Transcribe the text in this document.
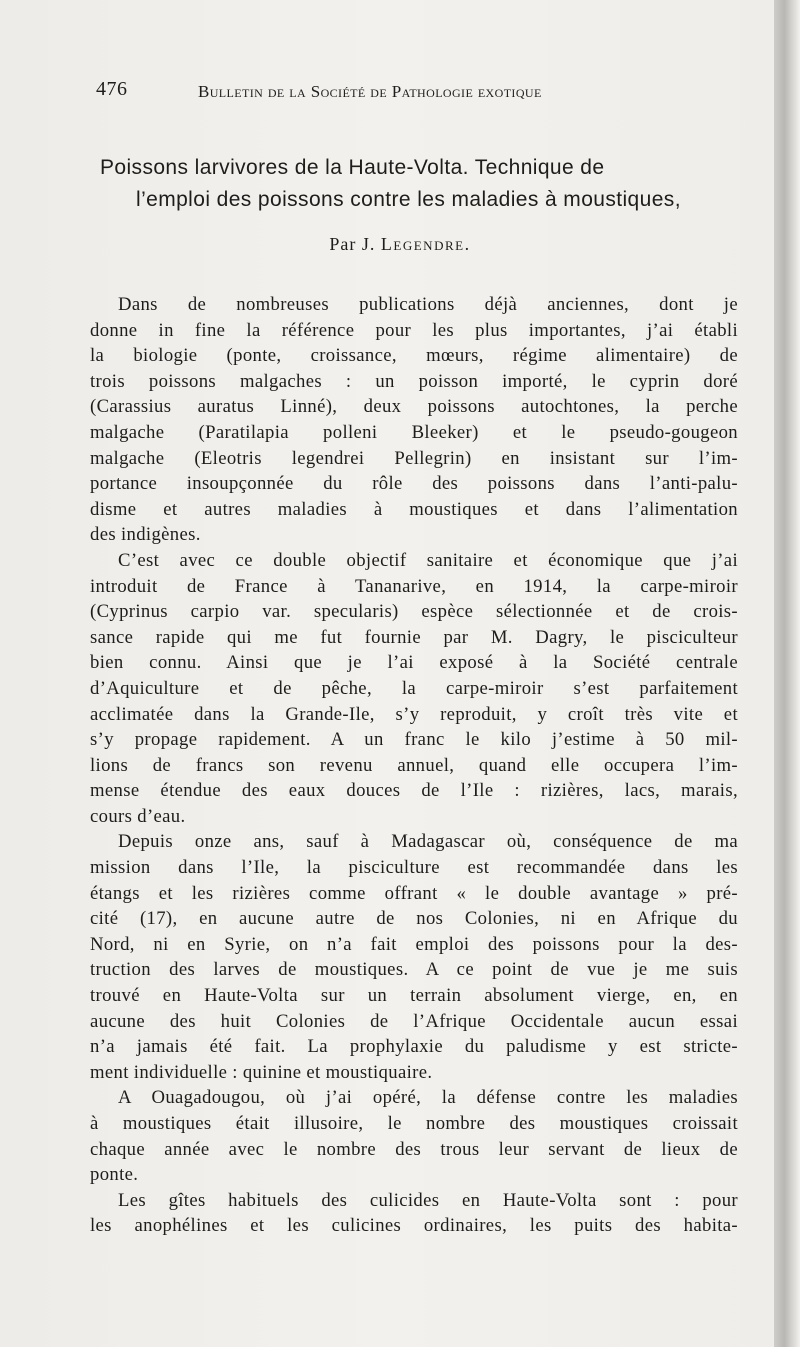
476	Bulletin de la Société de Pathologie exotique
Poissons larvivores de la Haute-Volta. Technique de
l’emploi des poissons contre les maladies à moustiques,
Par J. Legendre.
Dans de nombreuses publications déjà anciennes, dont je
donne in fine la référence pour les plus importantes, j’ai établi
la biologie (ponte, croissance, mœurs, régime alimentaire) de
trois poissons malgaches : un poisson importé, le cyprin doré
(Carassius auratus Linné), deux poissons autochtones, la perche
malgache (Paratilapia polleni Bleeker) et le pseudo-gougeon
malgache (Eleotris legendrei Pellegrin) en insistant sur l’im-
portance insoupçonnée du rôle des poissons dans l’anti-palu-
disme et autres maladies à moustiques et dans l’alimentation
des indigènes.
C’est avec ce double objectif sanitaire et économique que j’ai
introduit de France à Tananarive, en 1914, la carpe-miroir
(Cyprinus carpio var. specularis) espèce sélectionnée et de crois-
sance rapide qui me fut fournie par M. Dagry, le pisciculteur
bien connu. Ainsi que je l’ai exposé à la Société centrale
d’Aquiculture et de pêche, la carpe-miroir s’est parfaitement
acclimatée dans la Grande-Ile, s’y reproduit, y croît très vite et
s’y propage rapidement. A un franc le kilo j’estime à 50 mil-
lions de francs son revenu annuel, quand elle occupera l’im-
mense étendue des eaux douces de l’Ile : rizières, lacs, marais,
cours d’eau.
Depuis onze ans, sauf à Madagascar où, conséquence de ma
mission dans l’Ile, la pisciculture est recommandée dans les
étangs et les rizières comme offrant « le double avantage » pré-
cité (17), en aucune autre de nos Colonies, ni en Afrique du
Nord, ni en Syrie, on n’a fait emploi des poissons pour la des-
truction des larves de moustiques. A ce point de vue je me suis
trouvé en Haute-Volta sur un terrain absolument vierge, en, en
aucune des huit Colonies de l’Afrique Occidentale aucun essai
n’a jamais été fait. La prophylaxie du paludisme y est stricte-
ment individuelle : quinine et moustiquaire.
A Ouagadougou, où j’ai opéré, la défense contre les maladies
à moustiques était illusoire, le nombre des moustiques croissait
chaque année avec le nombre des trous leur servant de lieux de
ponte.
Les gîtes habituels des culicides en Haute-Volta sont : pour
les anophélines et les culicines ordinaires, les puits des habita-
